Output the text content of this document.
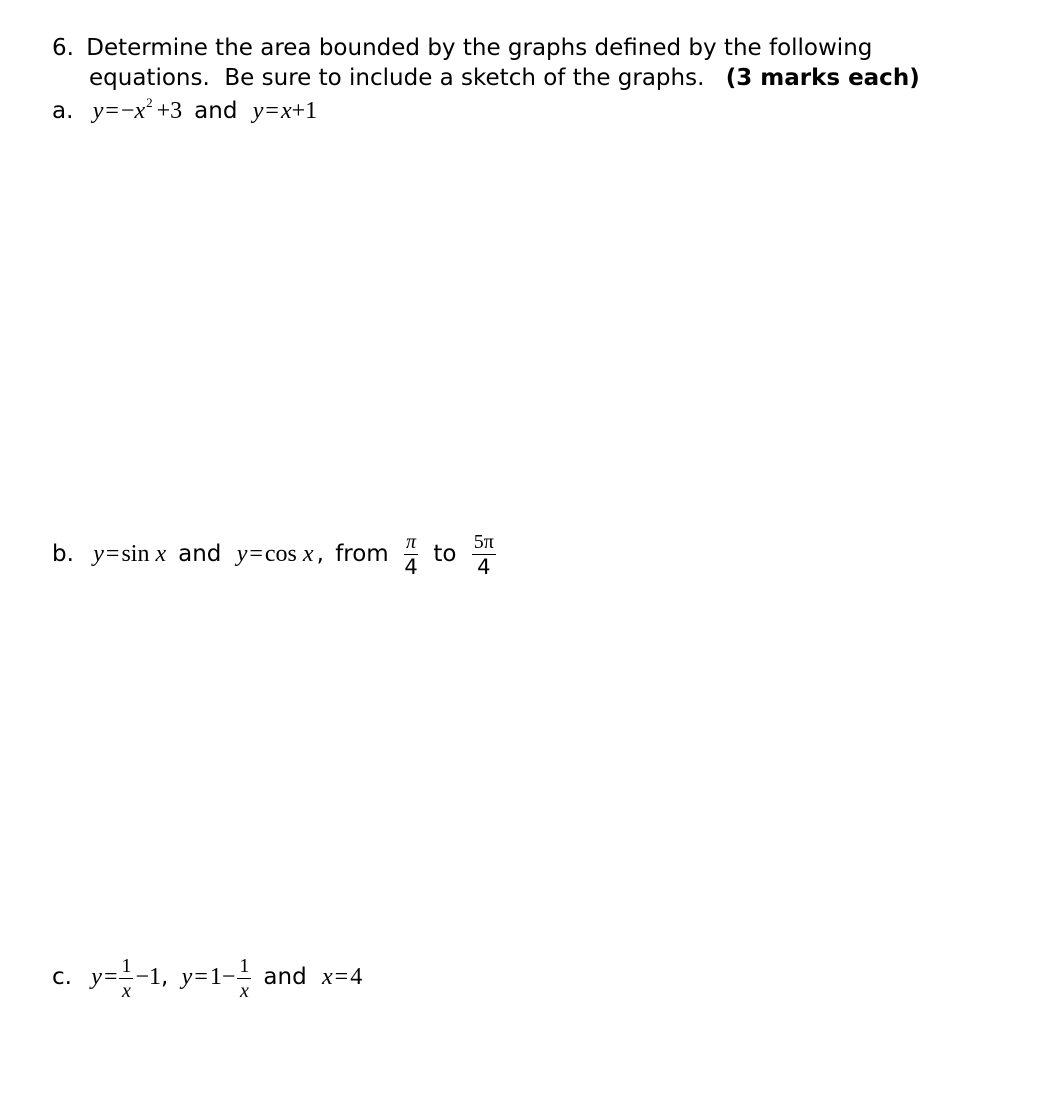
6. Determine the area bounded by the graphs defined by the following
equations.  Be sure to include a sketch of the graphs. (3 marks each)
a. $y=-x^2 +3$ and y=x+1
b. y=sin x and y=cos x , from $\frac{\pi}{4}$ to $\frac{5\pi}{4}$
c. $y= \frac{1}{x} -1$, $y=1- \frac{1}{x}$ and x=4
